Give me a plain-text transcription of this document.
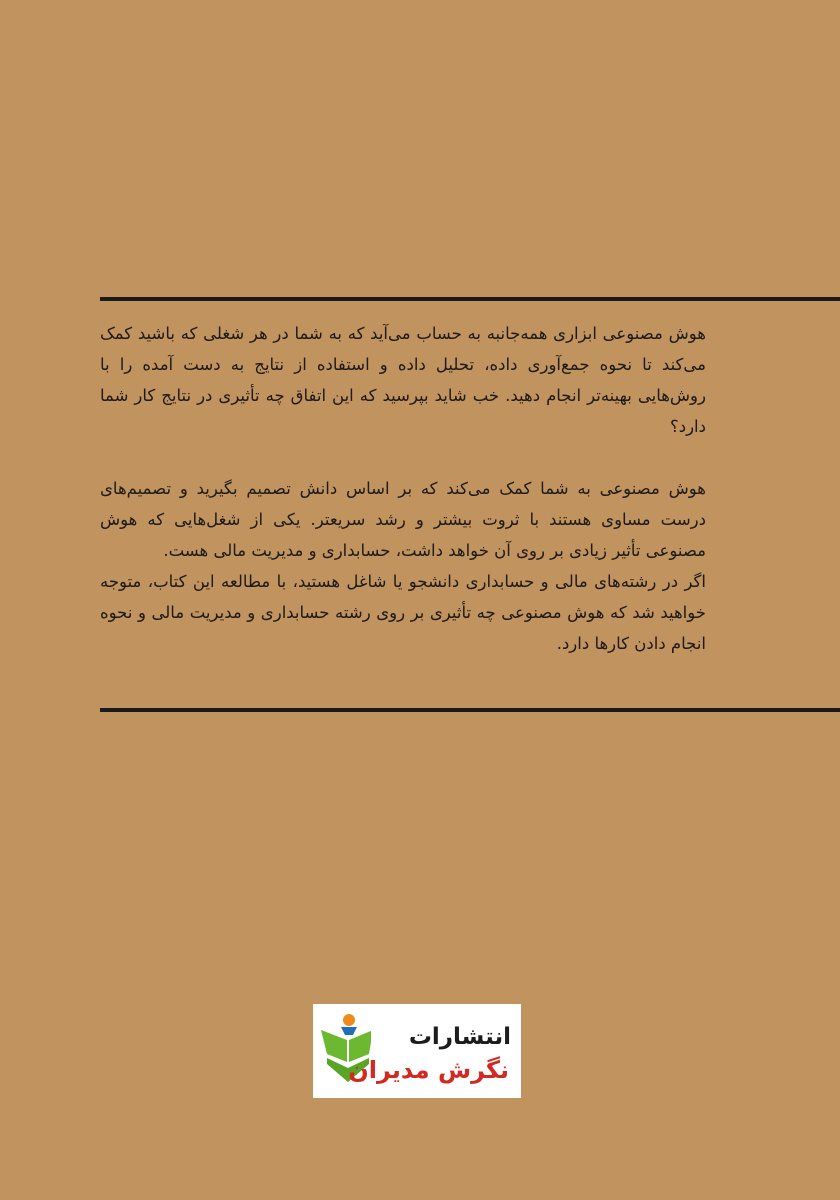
هوش مصنوعی ابزاری همه‌جانبه به حساب می‌آید که به شما در هر شغلی که باشید کمک می‌کند تا نحوه جمع‌آوری داده، تحلیل داده و استفاده از نتایج به دست آمده را با روش‌هایی بهینه‌تر انجام دهید. خب شاید بپرسید که این اتفاق چه تأثیری در نتایج کار شما دارد؟

هوش مصنوعی به شما کمک می‌کند که بر اساس دانش تصمیم بگیرید و تصمیم‌های درست مساوی هستند با ثروت بیشتر و رشد سریعتر. یکی از شغل‌هایی که هوش مصنوعی تأثیر زیادی بر روی آن خواهد داشت، حسابداری و مدیریت مالی هست.

اگر در رشته‌های مالی و حسابداری دانشجو یا شاغل هستید، با مطالعه این کتاب، متوجه خواهید شد که هوش مصنوعی چه تأثیری بر روی رشته حسابداری و مدیریت مالی و نحوه انجام دادن کارها دارد.

انتشارات
نگرش مدیران
